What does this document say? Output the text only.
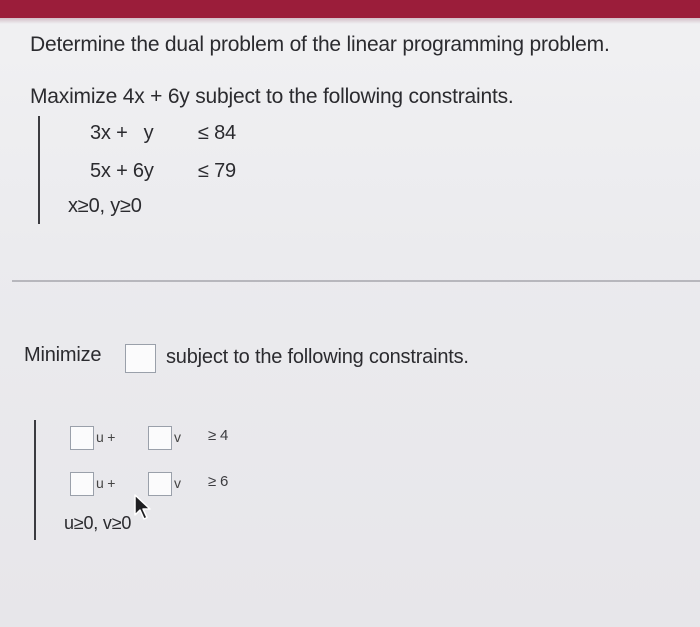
Determine the dual problem of the linear programming problem.
Maximize 4x + 6y subject to the following constraints.
3x +   y ≤ 84
5x + 6y ≤ 79
x≥0, y≥0
Minimize	subject to the following constraints.
u +	v ≥ 4
u +	v ≥ 6
u≥0, v≥0
